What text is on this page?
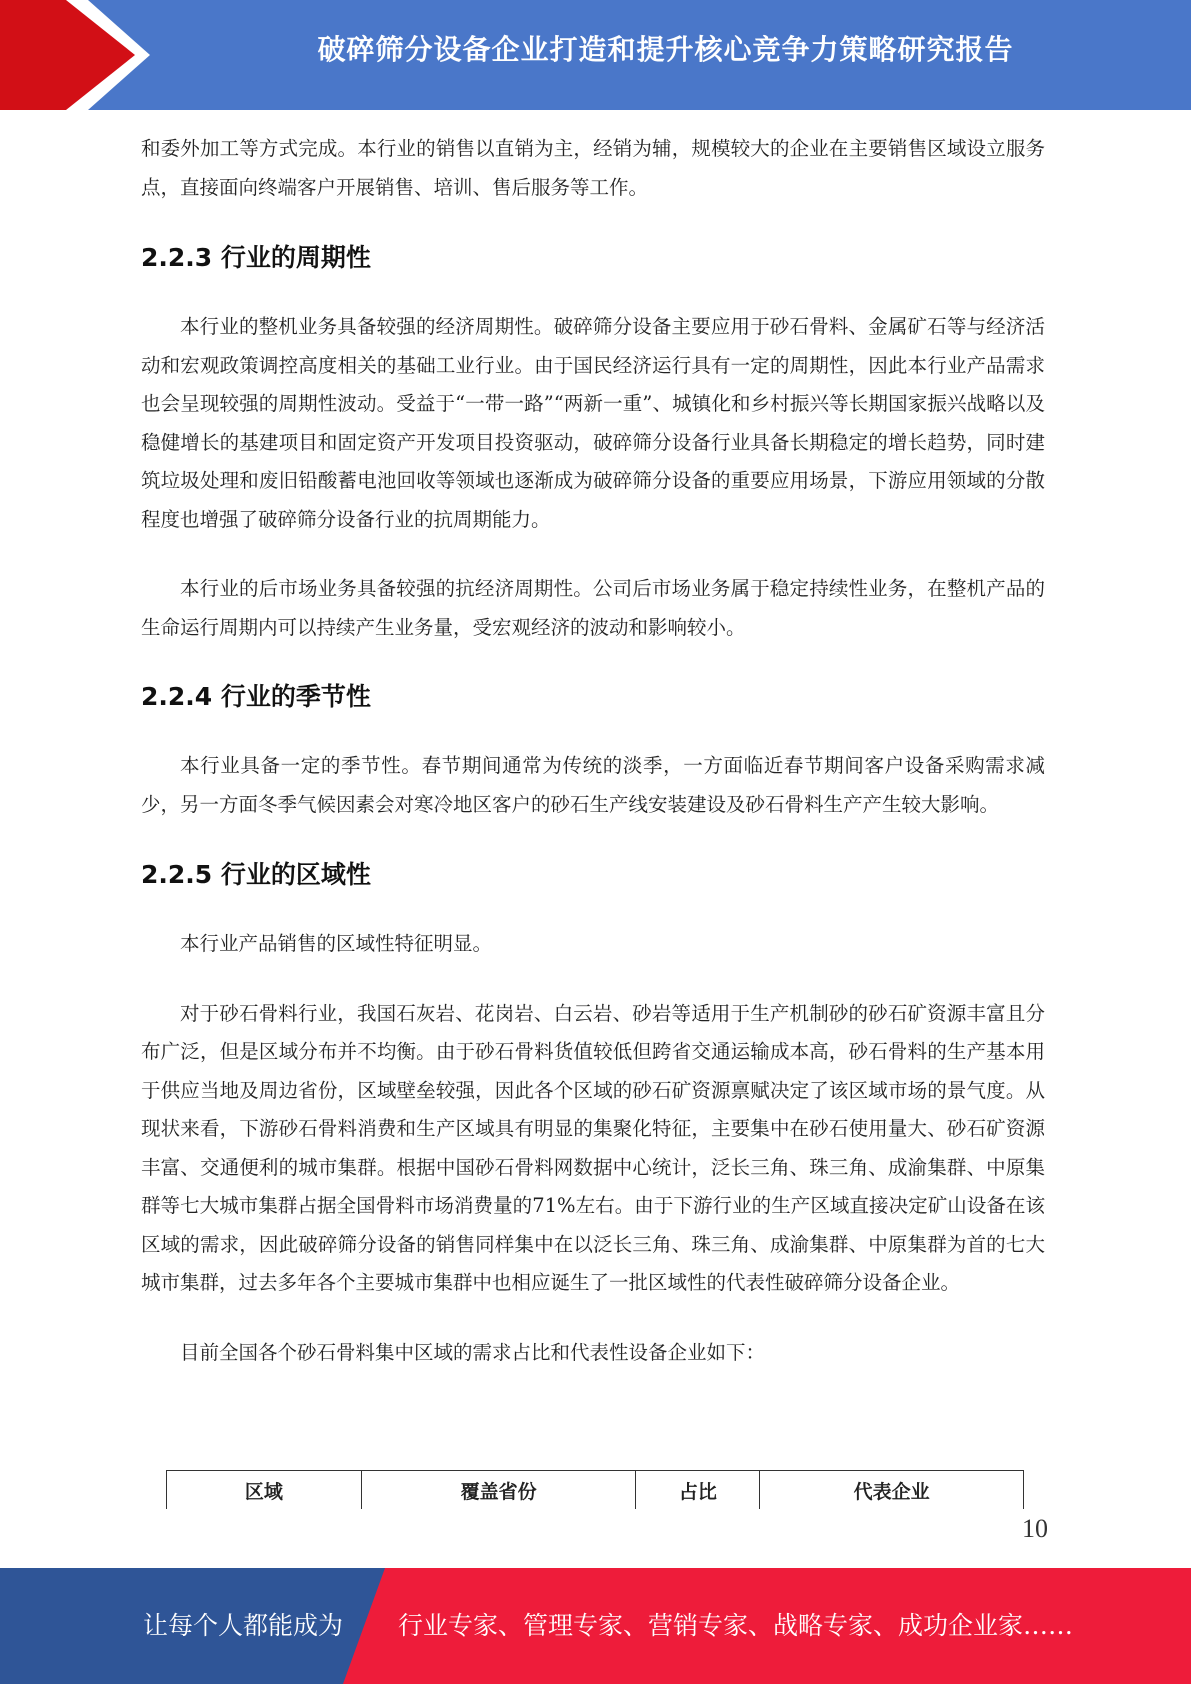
破碎筛分设备企业打造和提升核心竞争力策略研究报告

和委外加工等方式完成。本行业的销售以直销为主，经销为辅，规模较大的企业在主要销售区域设立服务点，直接面向终端客户开展销售、培训、售后服务等工作。

2.2.3 行业的周期性

本行业的整机业务具备较强的经济周期性。破碎筛分设备主要应用于砂石骨料、金属矿石等与经济活动和宏观政策调控高度相关的基础工业行业。由于国民经济运行具有一定的周期性，因此本行业产品需求也会呈现较强的周期性波动。受益于“一带一路”“两新一重”、城镇化和乡村振兴等长期国家振兴战略以及稳健增长的基建项目和固定资产开发项目投资驱动，破碎筛分设备行业具备长期稳定的增长趋势，同时建筑垃圾处理和废旧铅酸蓄电池回收等领域也逐渐成为破碎筛分设备的重要应用场景，下游应用领域的分散程度也增强了破碎筛分设备行业的抗周期能力。

本行业的后市场业务具备较强的抗经济周期性。公司后市场业务属于稳定持续性业务，在整机产品的生命运行周期内可以持续产生业务量，受宏观经济的波动和影响较小。

2.2.4 行业的季节性

本行业具备一定的季节性。春节期间通常为传统的淡季，一方面临近春节期间客户设备采购需求减少，另一方面冬季气候因素会对寒冷地区客户的砂石生产线安装建设及砂石骨料生产产生较大影响。

2.2.5 行业的区域性

本行业产品销售的区域性特征明显。

对于砂石骨料行业，我国石灰岩、花岗岩、白云岩、砂岩等适用于生产机制砂的砂石矿资源丰富且分布广泛，但是区域分布并不均衡。由于砂石骨料货值较低但跨省交通运输成本高，砂石骨料的生产基本用于供应当地及周边省份，区域壁垒较强，因此各个区域的砂石矿资源禀赋决定了该区域市场的景气度。从现状来看，下游砂石骨料消费和生产区域具有明显的集聚化特征，主要集中在砂石使用量大、砂石矿资源丰富、交通便利的城市集群。根据中国砂石骨料网数据中心统计，泛长三角、珠三角、成渝集群、中原集群等七大城市集群占据全国骨料市场消费量的71%左右。由于下游行业的生产区域直接决定矿山设备在该区域的需求，因此破碎筛分设备的销售同样集中在以泛长三角、珠三角、成渝集群、中原集群为首的七大城市集群，过去多年各个主要城市集群中也相应诞生了一批区域性的代表性破碎筛分设备企业。

目前全国各个砂石骨料集中区域的需求占比和代表性设备企业如下：

区域	覆盖省份	占比	代表企业
10
让每个人都能成为 行业专家、管理专家、营销专家、战略专家、成功企业家……
